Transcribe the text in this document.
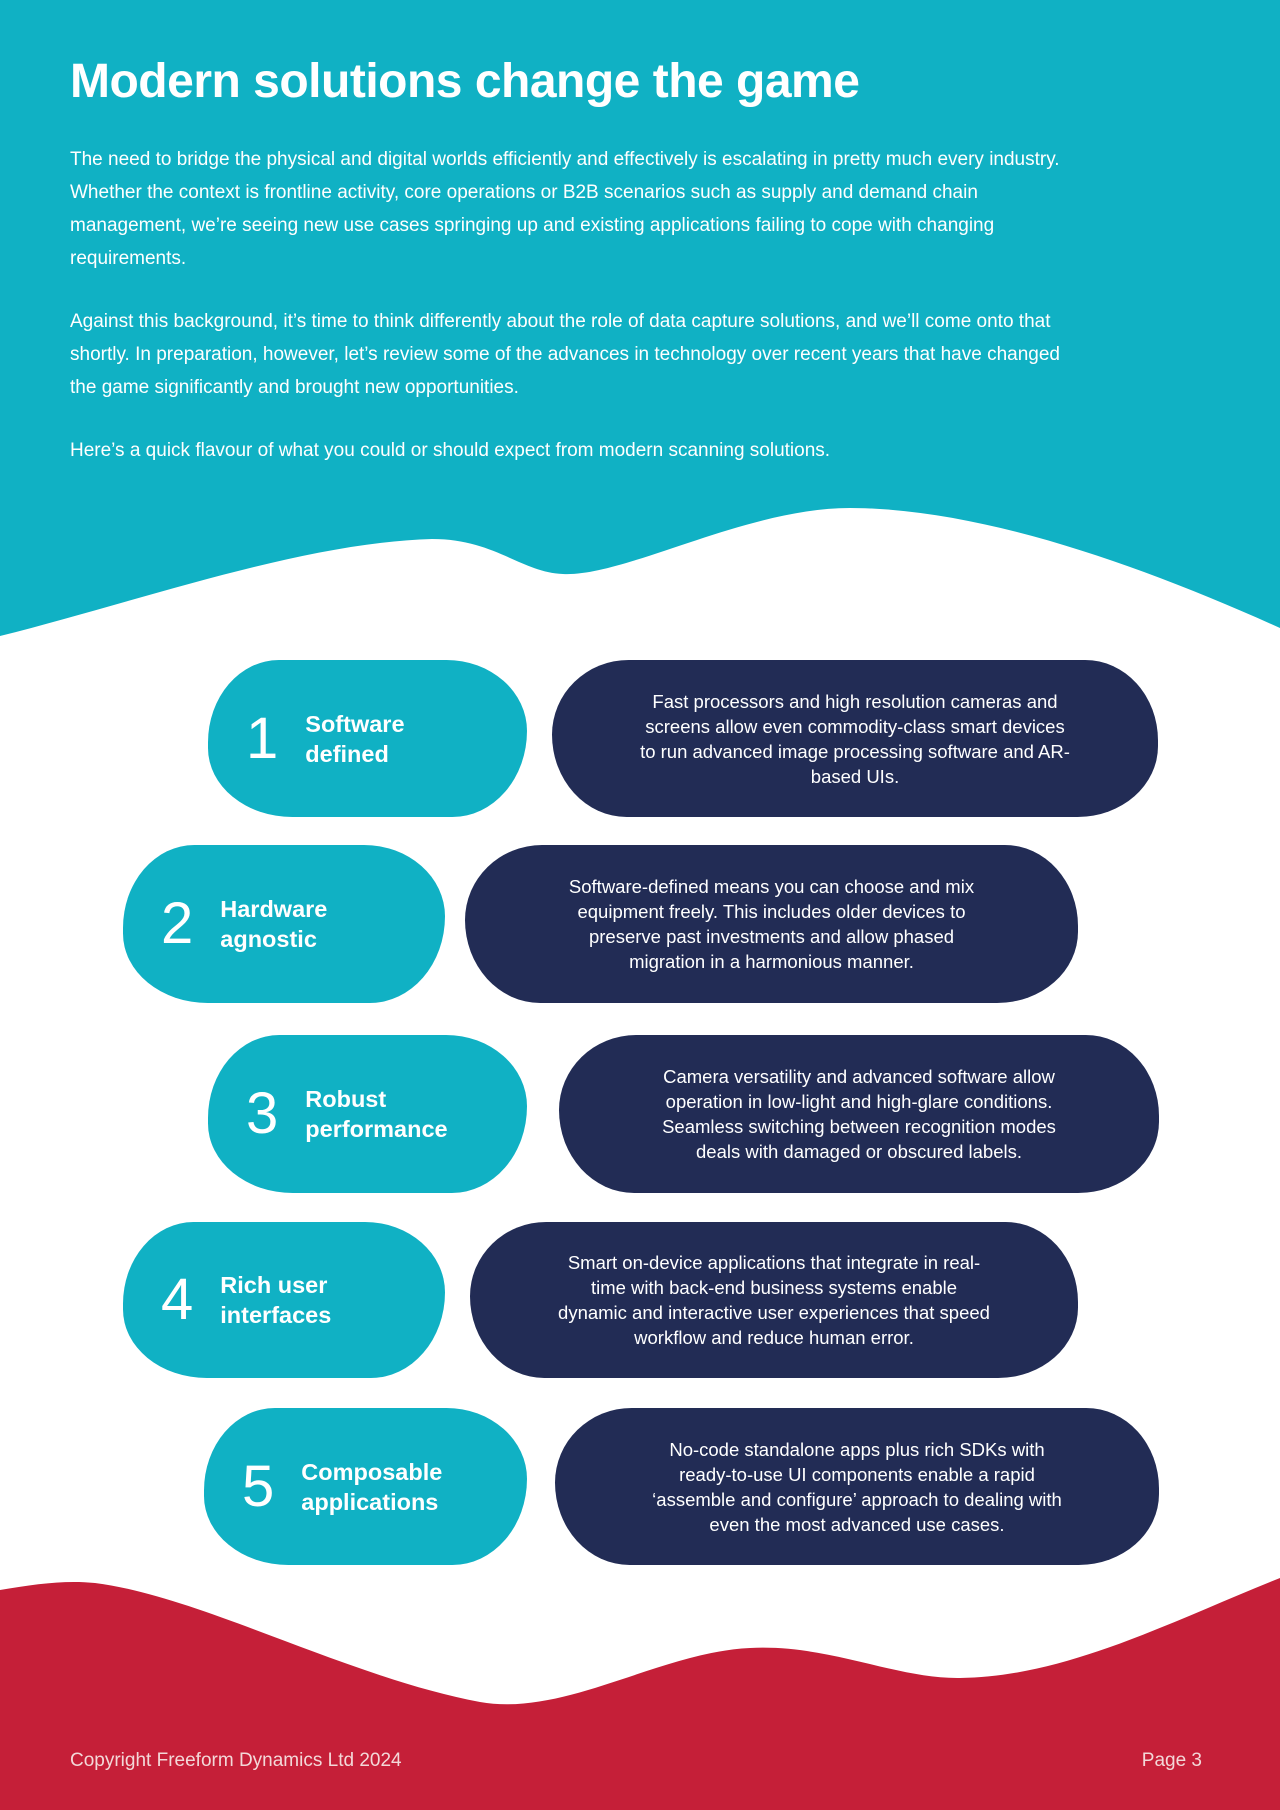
Modern solutions change the game

The need to bridge the physical and digital worlds efficiently and effectively is escalating in pretty much every industry. Whether the context is frontline activity, core operations or B2B scenarios such as supply and demand chain management, we’re seeing new use cases springing up and existing applications failing to cope with changing requirements.

Against this background, it’s time to think differently about the role of data capture solutions, and we’ll come onto that shortly. In preparation, however, let’s review some of the advances in technology over recent years that have changed the game significantly and brought new opportunities.

Here’s a quick flavour of what you could or should expect from modern scanning solutions.

1 Software defined

Fast processors and high resolution cameras and screens allow even commodity-class smart devices to run advanced image processing software and AR-based UIs.

2 Hardware agnostic

Software-defined means you can choose and mix equipment freely. This includes older devices to preserve past investments and allow phased migration in a harmonious manner.

3 Robust performance

Camera versatility and advanced software allow operation in low-light and high-glare conditions. Seamless switching between recognition modes deals with damaged or obscured labels.

4 Rich user interfaces

Smart on-device applications that integrate in real-time with back-end business systems enable dynamic and interactive user experiences that speed workflow and reduce human error.

5 Composable applications

No-code standalone apps plus rich SDKs with ready-to-use UI components enable a rapid ‘assemble and configure’ approach to dealing with even the most advanced use cases.

Copyright Freeform Dynamics Ltd 2024	Page 3
